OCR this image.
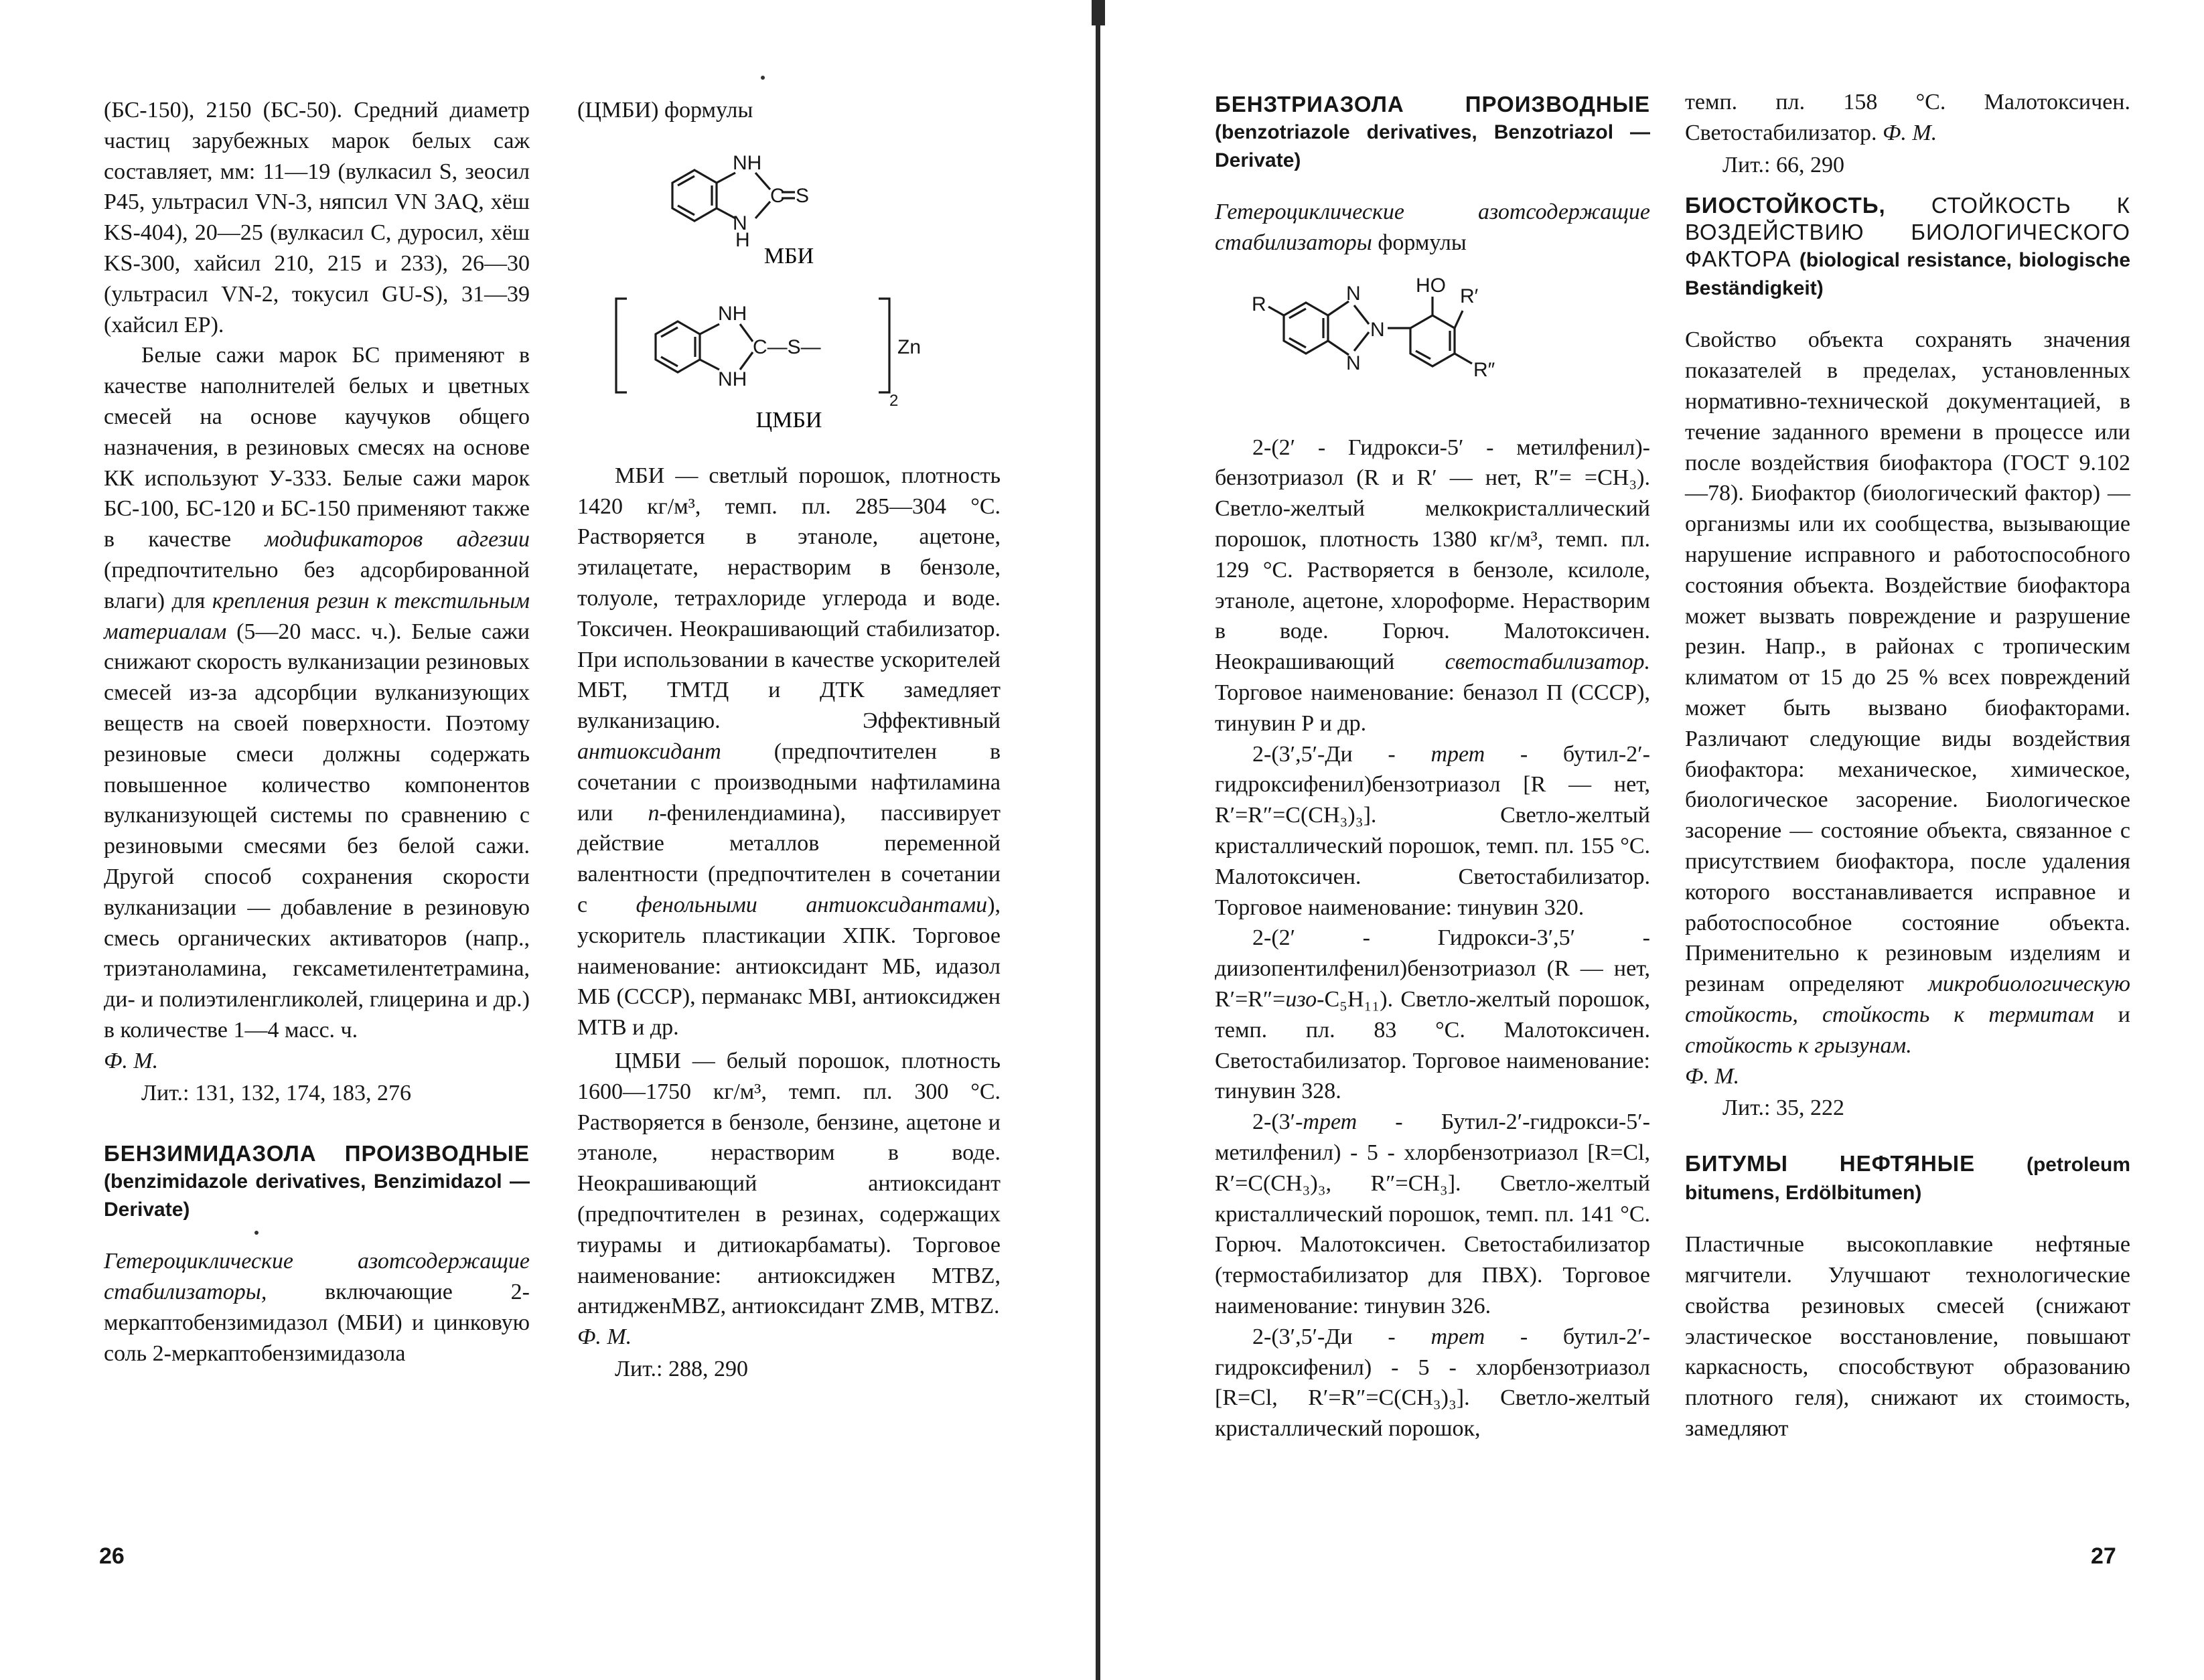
(БС-150), 2150 (БС-50). Средний диаметр частиц зарубежных марок белых саж составляет, мм: 11—19 (вулкасил S, зеосил Р45, ультрасил VN-3, няпсил VN 3AQ, хёш KS-404), 20—25 (вулкасил С, дуросил, хёш KS-300, хайсил 210, 215 и 233), 26—30 (ультрасил VN-2, токусил GU-S), 31—39 (хайсил ЕР).

Белые сажи марок БС применяют в качестве наполнителей белых и цветных смесей на основе каучуков общего назначения, в резиновых смесях на основе КК используют У-333. Белые сажи марок БС-100, БС-120 и БС-150 применяют также в качестве модификаторов адгезии (предпочтительно без адсорбированной влаги) для крепления резин к текстильным материалам (5—20 масс. ч.). Белые сажи снижают скорость вулканизации резиновых смесей из-за адсорбции вулканизующих веществ на своей поверхности. Поэтому резиновые смеси должны содержать повышенное количество компонентов вулканизующей системы по сравнению с резиновыми смесями без белой сажи. Другой способ сохранения скорости вулканизации — добавление в резиновую смесь органических активаторов (напр., триэтаноламина, гексаметилентетрамина, ди- и полиэтиленгликолей, глицерина и др.) в количестве 1—4 масс. ч.

Ф. М.

Лит.: 131, 132, 174, 183, 276

БЕНЗИМИДАЗОЛА ПРОИЗВОДНЫЕ (benzimidazole derivatives, Benzimidazol — Derivate)

Гетероциклические азотсодержащие стабилизаторы, включающие 2-меркаптобензимидазол (МБИ) и цинковую соль 2-меркаптобензимидазола

(ЦМБИ) формулы

NH
C S
N
H
МБИ
NH
C—S—
NH
Zn
2
ЦМБИ

МБИ — светлый порошок, плотность 1420 кг/м³, темп. пл. 285—304 °С. Растворяется в этаноле, ацетоне, этилацетате, нерастворим в бензоле, толуоле, тетрахлориде углерода и воде. Токсичен. Неокрашивающий стабилизатор. При использовании в качестве ускорителей МБТ, ТМТД и ДТК замедляет вулканизацию. Эффективный антиоксидант (предпочтителен в сочетании с производными нафтиламина или n-фенилендиамина), пассивирует действие металлов переменной валентности (предпочтителен в сочетании с фенольными антиоксидантами), ускоритель пластикации ХПК. Торговое наименование: антиоксидант МБ, идазол МБ (СССР), пермaнакс MBI, антиоксиджен MTB и др.

ЦМБИ — белый порошок, плотность 1600—1750 кг/м³, темп. пл. 300 °С. Растворяется в бензоле, бензине, ацетоне и этаноле, нерастворим в воде. Неокрашивающий антиоксидант (предпочтителен в резинах, содержащих тиурамы и дитиокарбаматы). Торговое наименование: антиоксиджен MTBZ, антидженMBZ, антиоксидант ZMB, MTBZ.

Ф. М.

Лит.: 288, 290

26

БЕНЗТРИАЗОЛА ПРОИЗВОДНЫЕ (benzotriazole derivatives, Benzotriazol — Derivate)

Гетероциклические азотсодержащие стабилизаторы формулы

R	N
N
N
HO R′
R″

2-(2′ - Гидрокси-5′ - метилфенил)-бензотриазол (R и R′ — нет, R″= =CH₃). Светло-желтый мелкокристаллический порошок, плотность 1380 кг/м³, темп. пл. 129 °С. Растворяется в бензоле, ксилоле, этаноле, ацетоне, хлороформе. Нерастворим в воде. Горюч. Малотоксичен. Неокрашивающий светостабилизатор. Торговое наименование: беназол П (СССР), тинувин Р и др.

2-(3′,5′-Ди - трет - бутил-2′-гидроксифенил)бензотриазол [R — нет, R′=R″=C(CH₃)₃]. Светло-желтый кристаллический порошок, темп. пл. 155 °С. Малотоксичен. Светостабилизатор. Торговое наименование: тинувин 320.

2-(2′ - Гидрокси-3′,5′ - диизопентилфенил)бензотриазол (R — нет, R′=R″=изо-C₅H₁₁). Светло-желтый порошок, темп. пл. 83 °С. Малотоксичен. Светостабилизатор. Торговое наименование: тинувин 328.

2-(3′-трет - Бутил-2′-гидрокси-5′-метилфенил) - 5 - хлорбензотриазол [R=Cl, R′=C(CH₃)₃, R″=CH₃]. Светло-желтый кристаллический порошок, темп. пл. 141 °С. Горюч. Малотоксичен. Светостабилизатор (термостабилизатор для ПВХ). Торговое наименование: тинувин 326.

2-(3′,5′-Ди - трет - бутил-2′-гидроксифенил) - 5 - хлорбензотриазол [R=Cl, R′=R″=C(CH₃)₃]. Светло-желтый кристаллический порошок,

темп. пл. 158 °С. Малотоксичен. Светостабилизатор. Ф. М.

Лит.: 66, 290

БИОСТОЙКОСТЬ, СТОЙКОСТЬ К ВОЗДЕЙСТВИЮ БИОЛОГИЧЕСКОГО ФАКТОРА (biological resistance, biologische Beständigkeit)

Свойство объекта сохранять значения показателей в пределах, установленных нормативно-технической документацией, в течение заданного времени в процессе или после воздействия биофактора (ГОСТ 9.102—78). Биофактор (биологический фактор) — организмы или их сообщества, вызывающие нарушение исправного и работоспособного состояния объекта. Воздействие биофактора может вызвать повреждение и разрушение резин. Напр., в районах с тропическим климатом от 15 до 25 % всех повреждений может быть вызвано биофакторами. Различают следующие виды воздействия биофактора: механическое, химическое, биологическое засорение. Биологическое засорение — состояние объекта, связанное с присутствием биофактора, после удаления которого восстанавливается исправное и работоспособное состояние объекта. Применительно к резиновым изделиям и резинам определяют микробиологическую стойкость, стойкость к термитам и стойкость к грызунам.

Ф. М.

Лит.: 35, 222

БИТУМЫ НЕФТЯНЫЕ	(petroleum bitumens, Erdölbitumen)

Пластичные высокоплавкие нефтяные мягчители. Улучшают технологические свойства резиновых смесей (снижают эластическое восстановление, повышают каркасность, способствуют образованию плотного геля), снижают их стоимость, замедляют

27
